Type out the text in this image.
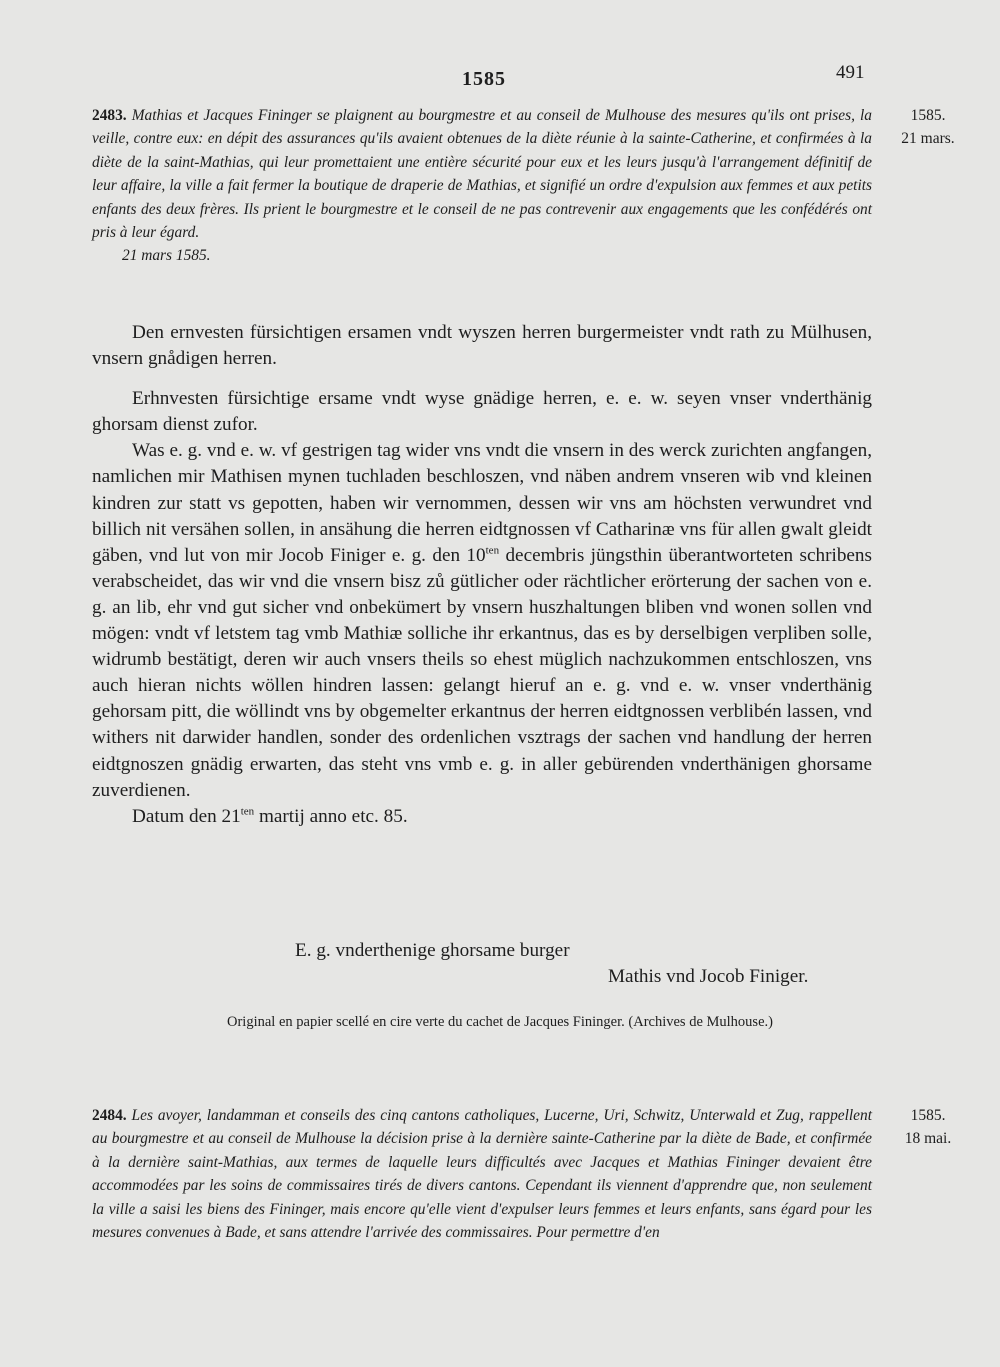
1585	491
2483. Mathias et Jacques Fininger se plaignent au bourgmestre et au conseil de Mulhouse des mesures qu'ils ont prises, la veille, contre eux: en dépit des assurances qu'ils avaient obtenues de la diète réunie à la sainte-Catherine, et confirmées à la diète de la saint-Mathias, qui leur promettaient une entière sécurité pour eux et les leurs jusqu'à l'arrangement définitif de leur affaire, la ville a fait fermer la boutique de draperie de Mathias, et signifié un ordre d'expulsion aux femmes et aux petits enfants des deux frères. Ils prient le bourgmestre et le conseil de ne pas contrevenir aux engagements que les confédérés ont pris à leur égard.
21 mars 1585.
1585.
21 mars.

Den ernvesten fürsichtigen ersamen vndt wyszen herren burgermeister vndt rath zu Mülhusen, vnsern gnådigen herren.

Erhnvesten fürsichtige ersame vndt wyse gnädige herren, e. e. w. seyen vnser vnderthänig ghorsam dienst zufor.

Was e. g. vnd e. w. vf gestrigen tag wider vns vndt die vnsern in des werck zurichten angfangen, namlichen mir Mathisen mynen tuchladen beschloszen, vnd näben andrem vnseren wib vnd kleinen kindren zur statt vs gepotten, haben wir vernommen, dessen wir vns am höchsten verwundret vnd billich nit versähen sollen, in ansähung die herren eidtgnossen vf Catharinæ vns für allen gwalt gleidt gäben, vnd lut von mir Jocob Finiger e. g. den $10^{ten}$ decembris jüngsthin überantworteten schribens verabscheidet, das wir vnd die vnsern bisz zů gütlicher oder rächtlicher erörterung der sachen von e. g. an lib, ehr vnd gut sicher vnd onbekümert by vnsern huszhaltungen bliben vnd wonen sollen vnd mögen: vndt vf letstem tag vmb Mathiæ solliche ihr erkantnus, das es by derselbigen verpliben solle, widrumb bestätigt, deren wir auch vnsers theils so ehest müglich nachzukommen entschloszen, vns auch hieran nichts wöllen hindren lassen: gelangt hieruf an e. g. vnd e. w. vnser vnderthänig gehorsam pitt, die wöllindt vns by obgemelter erkantnus der herren eidtgnossen verblibén lassen, vnd withers nit darwider handlen, sonder des ordenlichen vsztrags der sachen vnd handlung der herren eidtgnoszen gnädig erwarten, das steht vns vmb e. g. in aller gebürenden vnderthänigen ghorsame zuverdienen.

Datum den $21^{ten}$ martij anno etc. 85.

E. g. vnderthenige ghorsame burger
Mathis vnd Jocob Finiger.
Original en papier scellé en cire verte du cachet de Jacques Fininger. (Archives de Mulhouse.)
2484. Les avoyer, landamman et conseils des cinq cantons catholiques, Lucerne, Uri, Schwitz, Unterwald et Zug, rappellent au bourgmestre et au conseil de Mulhouse la décision prise à la dernière sainte-Catherine par la diète de Bade, et confirmée à la dernière saint-Mathias, aux termes de laquelle leurs difficultés avec Jacques et Mathias Fininger devaient être accommodées par les soins de commissaires tirés de divers cantons. Cependant ils viennent d'apprendre que, non seulement la ville a saisi les biens des Fininger, mais encore qu'elle vient d'expulser leurs femmes et leurs enfants, sans égard pour les mesures convenues à Bade, et sans attendre l'arrivée des commissaires. Pour permettre d'en
1585.
18 mai.
